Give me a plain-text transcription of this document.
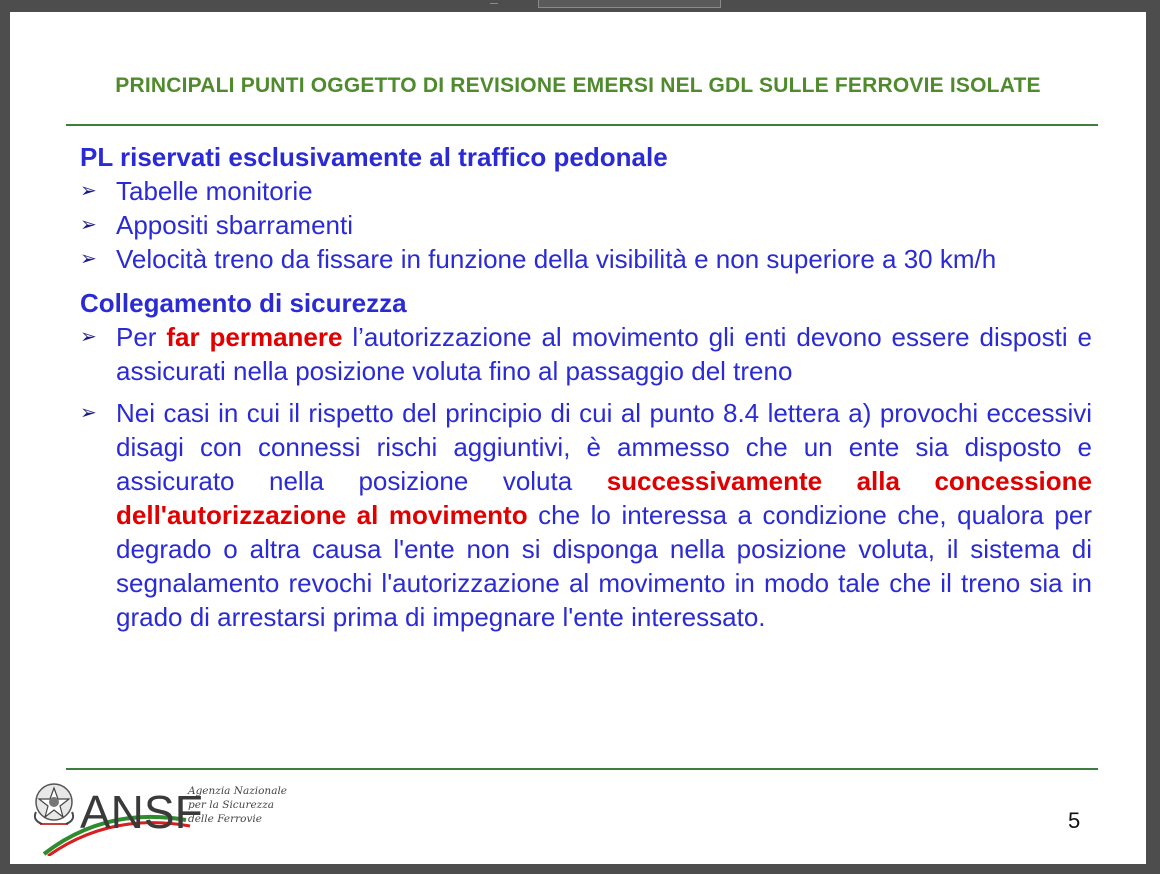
PRINCIPALI PUNTI OGGETTO DI REVISIONE EMERSI NEL GDL SULLE FERROVIE ISOLATE

PL riservati esclusivamente al traffico pedonale

➢ Tabelle monitorie
➢ Appositi sbarramenti
➢ Velocità treno da fissare in funzione della visibilità e non superiore a 30 km/h

Collegamento di sicurezza

➢ Per far permanere l’autorizzazione al movimento gli enti devono essere disposti e assicurati nella posizione voluta fino al passaggio del treno
➢ Nei casi in cui il rispetto del principio di cui al punto 8.4 lettera a) provochi eccessivi disagi con connessi rischi aggiuntivi, è ammesso che un ente sia disposto e assicurato nella posizione voluta successivamente alla concessione dell'autorizzazione al movimento che lo interessa a condizione che, qualora per degrado o altra causa l'ente non si disponga nella posizione voluta, il sistema di segnalamento revochi l'autorizzazione al movimento in modo tale che il treno sia in grado di arrestarsi prima di impegnare l'ente interessato.
ANSF
Agenzia Nazionale
per la Sicurezza
delle Ferrovie	5
